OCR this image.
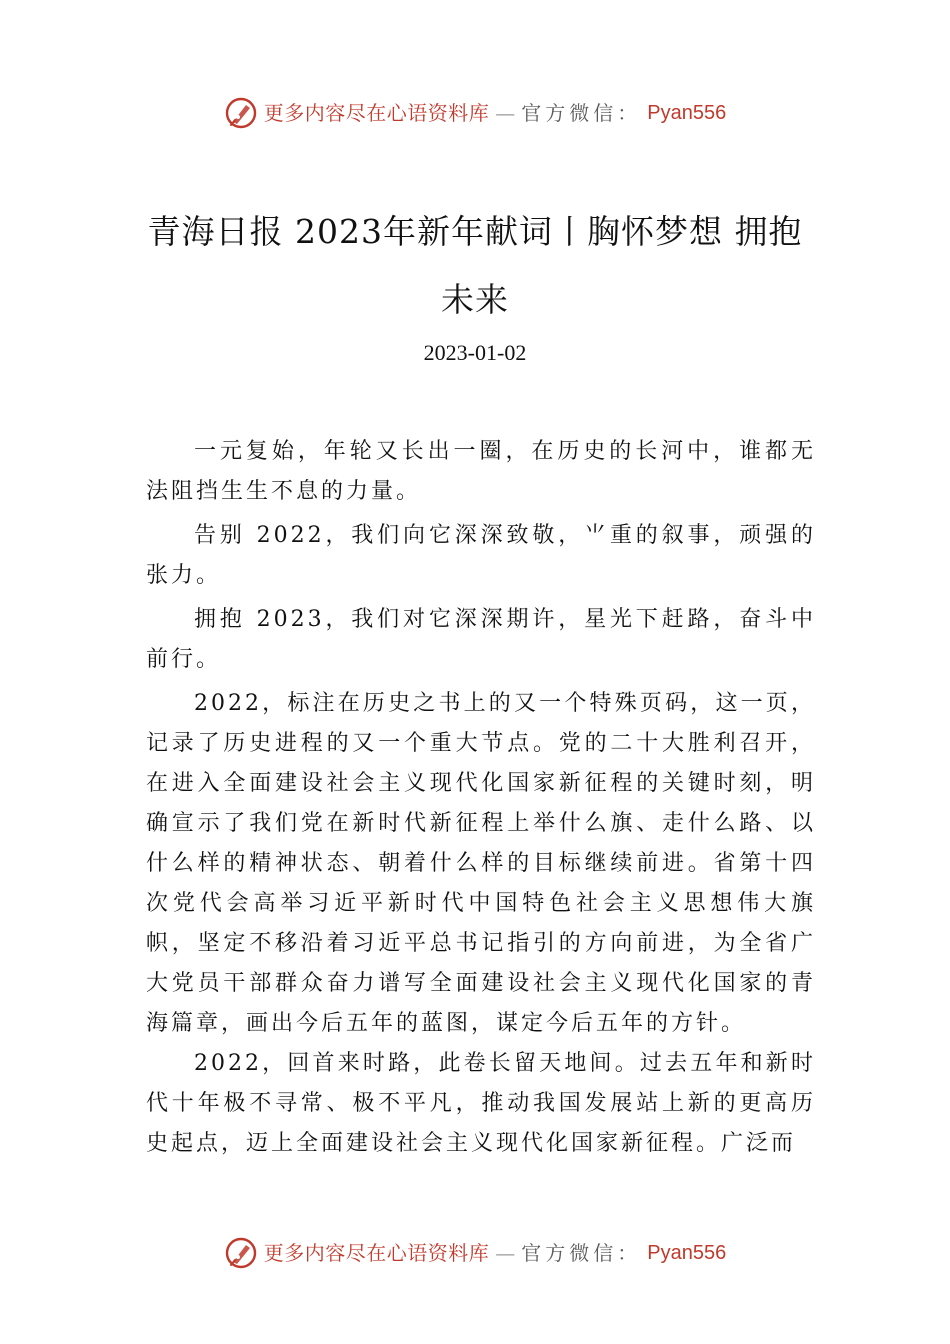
更多内容尽在心语资料库 — 官方微信： Pyan556
青海日报 2023年新年献词丨胸怀梦想 拥抱未来
2023-01-02

一元复始，年轮又长出一圈，在历史的长河中，谁都无法阻挡生生不息的力量。

告别 2022，我们向它深深致敬，⺌重的叙事，顽强的张力。

拥抱 2023，我们对它深深期许，星光下赶路，奋斗中前行。

2022，标注在历史之书上的又一个特殊页码，这一页，记录了历史进程的又一个重大节点。党的二十大胜利召开， 在进入全面建设社会主义现代化国家新征程的关键时刻，明确宣示了我们党在新时代新征程上举什么旗、走什么路、以什么样的精神状态、朝着什么样的目标继续前进。省第十四次党代会高举习近平新时代中国特色社会主义思想伟大旗帜，坚定不移沿着习近平总书记指引的方向前进，为全省广大党员干部群众奋力谱写全面建设社会主义现代化国家的青海篇章，画出今后五年的蓝图，谋定今后五年的方针。

2022，回首来时路，此卷长留天地间。过去五年和新时代十年极不寻常、极不平凡，推动我国发展站上新的更高历史起点，迈上全面建设社会主义现代化国家新征程。广泛而

更多内容尽在心语资料库 — 官方微信： Pyan556
